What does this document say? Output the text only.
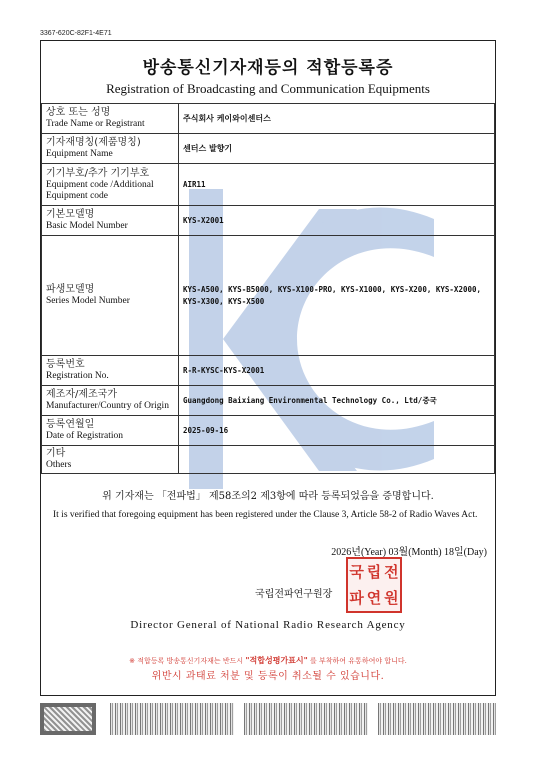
3367-620C-82F1-4E71
방송통신기자재등의 적합등록증
Registration of Broadcasting and Communication Equipments
상호 또는 성명
Trade Name or Registrant	주식회사 케이와이센터스

기자재명칭(제품명칭)
Equipment Name	센터스 발향기

기기부호/추가 기기부호
Equipment code /Additional Equipment code	AIR11

기본모델명
Basic Model Number	KYS-X2001

파생모델명
Series Model Number	KYS-A500, KYS-B5000, KYS-X100-PRO, KYS-X1000, KYS-X200, KYS-X2000, KYS-X300, KYS-X500

등록번호
Registration No.	R-R-KYSC-KYS-X2001

제조자/제조국가
Manufacturer/Country of Origin	Guangdong Baixiang Environmental Technology Co., Ltd/중국

등록연월일
Date of Registration	2025-09-16

기타
Others	

위 기자재는 「전파법」 제58조의2 제3항에 따라 등록되었음을 증명합니다.
It is verified that foregoing equipment has been registered under the Clause 3, Article 58-2 of Radio Waves Act.
2026년(Year) 03월(Month) 18일(Day)
국립전파연구원장
국 립 전
파 연 원
Director General of National Radio Research Agency
※ 적합등록 방송통신기자재는 반드시 "적합성평가표시" 를 부착하여 유통하여야 합니다.
위반시 과태료 처분 및 등록이 취소될 수 있습니다.
